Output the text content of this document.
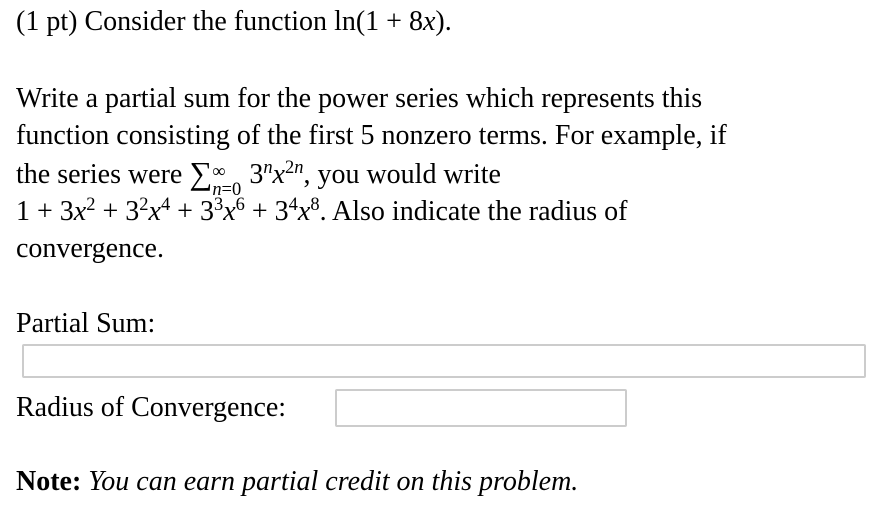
(1 pt) Consider the function ln(1 + 8x).
Write a partial sum for the power series which represents this
function consisting of the first 5 nonzero terms. For example, if
the series were ∑ ∞
n=0 $3^nx^{2n}$, you would write
$1 + 3x^2 + 3^2x^4 + 3^3x^6 + 3^4x^8$. Also indicate the radius of
convergence.
Partial Sum:
Radius of Convergence:
Note: You can earn partial credit on this problem.
